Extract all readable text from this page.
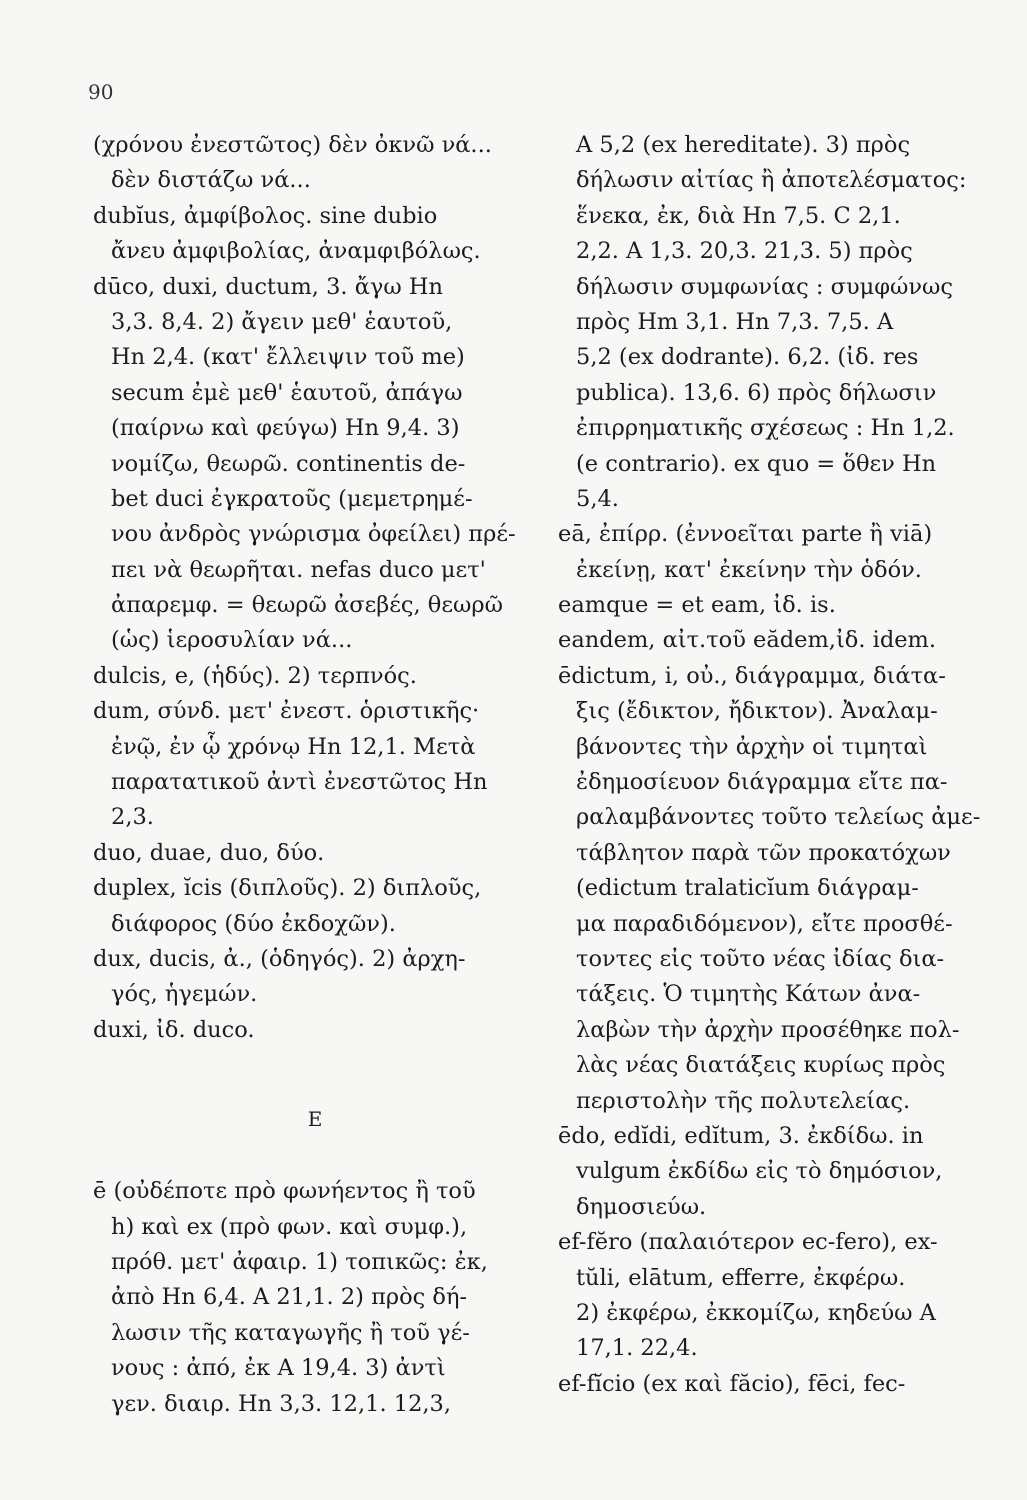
90
(χρόνου ἐνεστῶτος) δὲν ὀκνῶ νά...
δὲν διστάζω νά...
dubĭus, ἀμφίβολος. sine dubio
ἄνευ ἀμφιβολίας, ἀναμφιβόλως.
dūco, duxi, ductum, 3. ἄγω Hn
3,3. 8,4. 2) ἄγειν μεθ' ἑαυτοῦ,
Hn 2,4. (κατ' ἔλλειψιν τοῦ me)
secum ἐμὲ μεθ' ἑαυτοῦ, ἀπάγω
(παίρνω καὶ φεύγω) Hn 9,4. 3)
νομίζω, θεωρῶ. continentis de-
bet duci ἐγκρατοῦς (μεμετρημέ-
νου ἀνδρὸς γνώρισμα ὀφείλει) πρέ-
πει νὰ θεωρῆται. nefas duco μετ'
ἀπαρεμφ. = θεωρῶ ἀσεβές, θεωρῶ
(ὡς) ἱεροσυλίαν νά...
dulcis, e, (ἡδύς). 2) τερπνός.
dum, σύνδ. μετ' ἐνεστ. ὁριστικῆς·
ἐνῷ, ἐν ᾧ χρόνῳ Hn 12,1. Μετὰ
παρατατικοῦ ἀντὶ ἐνεστῶτος Hn
2,3.
duo, duae, duo, δύο.
duplex, ĭcis (διπλοῦς). 2) διπλοῦς,
διάφορος (δύο ἐκδοχῶν).
dux, ducis, ἀ., (ὁδηγός). 2) ἀρχη-
γός, ἡγεμών.
duxi, ἰδ. duco.
E
ē (οὐδέποτε πρὸ φωνήεντος ἢ τοῦ
h) καὶ ex (πρὸ φων. καὶ συμφ.),
πρόθ. μετ' ἀφαιρ. 1) τοπικῶς: ἐκ,
ἀπὸ Hn 6,4. A 21,1. 2) πρὸς δή-
λωσιν τῆς καταγωγῆς ἢ τοῦ γέ-
νους : ἀπό, ἐκ A 19,4. 3) ἀντὶ
γεν. διαιρ. Hn 3,3. 12,1. 12,3,
A 5,2 (ex hereditate). 3) πρὸς
δήλωσιν αἰτίας ἢ ἀποτελέσματος:
ἕνεκα, ἐκ, διὰ Hn 7,5. C 2,1.
2,2. A 1,3. 20,3. 21,3. 5) πρὸς
δήλωσιν συμφωνίας : συμφώνως
πρὸς Hm 3,1. Hn 7,3. 7,5. A
5,2 (ex dodrante). 6,2. (ἰδ. res
publica). 13,6. 6) πρὸς δήλωσιν
ἐπιρρηματικῆς σχέσεως : Hn 1,2.
(e contrario). ex quo = ὅθεν Hn
5,4.
eā, ἐπίρρ. (ἐννοεῖται parte ἢ viā)
ἐκείνῃ, κατ' ἐκείνην τὴν ὁδόν.
eamque = et eam, ἰδ. is.
eandem, αἰτ.τοῦ eădem,ἰδ. idem.
ēdictum, i, οὐ., διάγραμμα, διάτα-
ξις (ἔδικτον, ἤδικτον). Ἀναλαμ-
βάνοντες τὴν ἀρχὴν οἱ τιμηταὶ
ἐδημοσίευον διάγραμμα εἴτε πα-
ραλαμβάνοντες τοῦτο τελείως ἀμε-
τάβλητον παρὰ τῶν προκατόχων
(edictum tralaticĭum διάγραμ-
μα παραδιδόμενον), εἴτε προσθέ-
τοντες εἰς τοῦτο νέας ἰδίας δια-
τάξεις. Ὁ τιμητὴς Κάτων ἀνα-
λαβὼν τὴν ἀρχὴν προσέθηκε πολ-
λὰς νέας διατάξεις κυρίως πρὸς
περιστολὴν τῆς πολυτελείας.
ēdo, edĭdi, edĭtum, 3. ἐκδίδω. in
vulgum ἐκδίδω εἰς τὸ δημόσιον,
δημοσιεύω.
ef-fĕro (παλαιότερον ec-fero), ex-
tŭli, elātum, efferre, ἐκφέρω.
2) ἐκφέρω, ἐκκομίζω, κηδεύω A
17,1. 22,4.
ef-fĭcio (ex καὶ făcio), fēci, fec-
